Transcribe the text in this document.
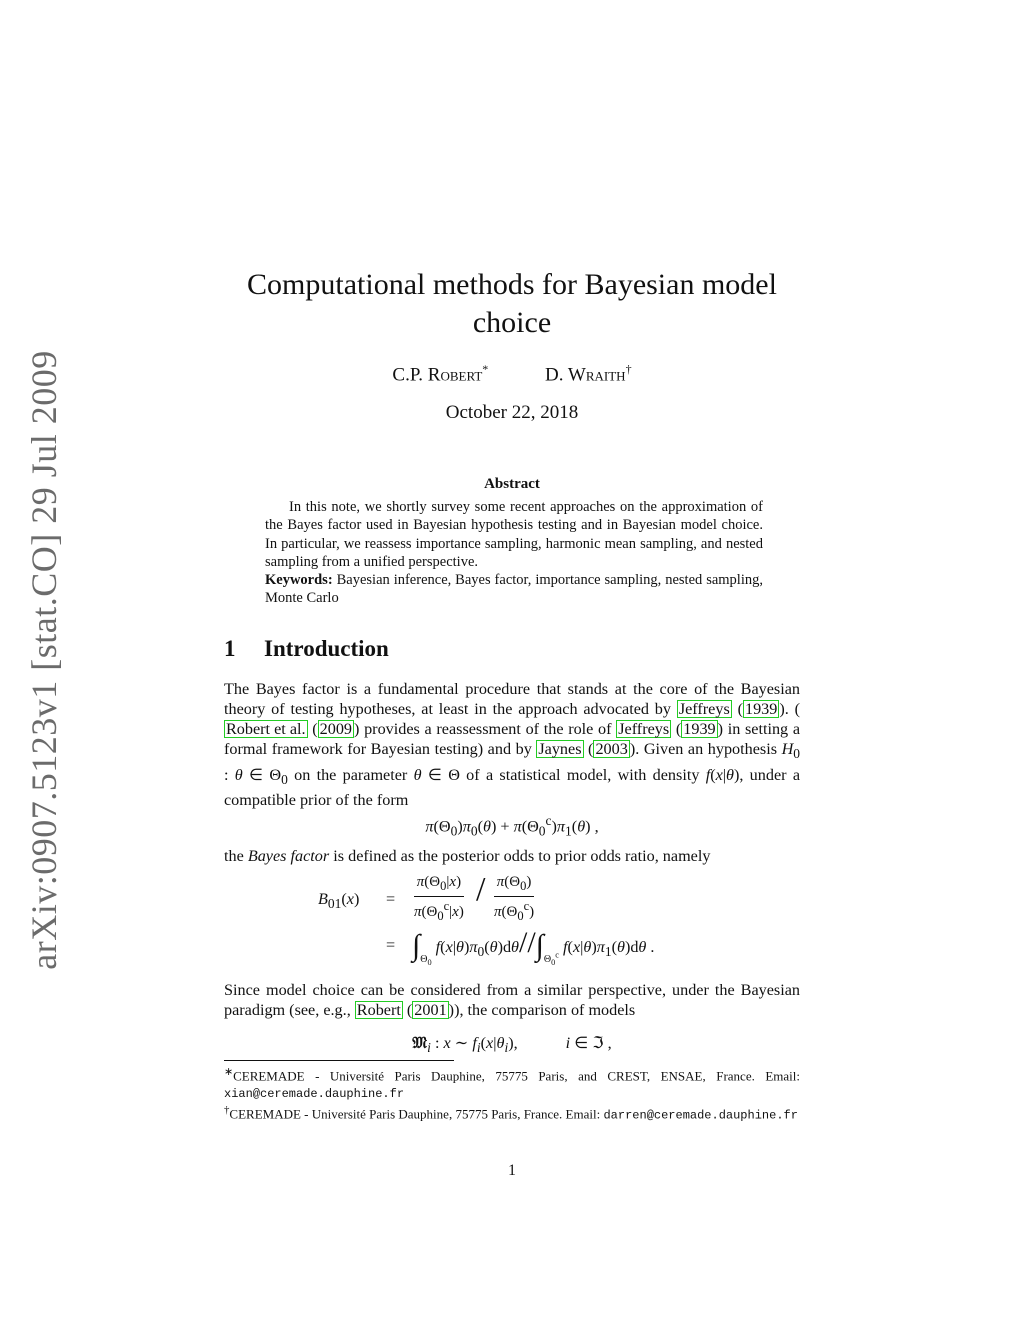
arXiv:0907.5123v1 [stat.CO] 29 Jul 2009
Computational methods for Bayesian model
choice
C.P. Robert*	D. Wraith†
October 22, 2018
Abstract
In this note, we shortly survey some recent approaches on the approximation of the Bayes factor used in Bayesian hypothesis testing and in Bayesian model choice. In particular, we reassess importance sampling, harmonic mean sampling, and nested sampling from a unified perspective.
Keywords: Bayesian inference, Bayes factor, importance sampling, nested sampling, Monte Carlo
1 Introduction
The Bayes factor is a fundamental procedure that stands at the core of the Bayesian theory of testing hypotheses, at least in the approach advocated by Jeffreys ( 1939 ). (Robert et al. ( 2009 ) provides a reassessment of the role of Jeffreys ( 1939 ) in setting a formal framework for Bayesian testing) and by Jaynes ( 2003 ). Given an hypothesis $H_0$ : θ ∈ $\Theta_0$ on the parameter θ ∈ Θ of a statistical model, with density f(x|θ), under a compatible prior of the form
$\pi(\Theta_0)\pi_0(\theta) + \pi(\Theta_0^c)\pi_1(\theta)$ ,
the Bayes factor is defined as the posterior odds to prior odds ratio, namely
$B_{01}(x) = \frac{\pi(\Theta_0|x)}{\pi(\Theta_0^c|x)} / \frac{\pi(\Theta_0)}{\pi(\Theta_0^c)}$
= $\int_{\Theta_0}$ $f(x|\theta)\pi_0(\theta)d\theta//\int_{\Theta_0^c}$ $f(x|\theta)\pi_1(\theta)d\theta$ .
Since model choice can be considered from a similar perspective, under the Bayesian paradigm (see, e.g., Robert ( 2001 )), the comparison of models
𝔐$_i$ : x ∼ $f_i(x|\theta_i)$,	i ∈ ℑ ,
∗CEREMADE - Université Paris Dauphine, 75775 Paris, and CREST, ENSAE, France. Email: xian@ceremade.dauphine.fr
†CEREMADE - Université Paris Dauphine, 75775 Paris, France. Email: darren@ceremade.dauphine.fr
1
